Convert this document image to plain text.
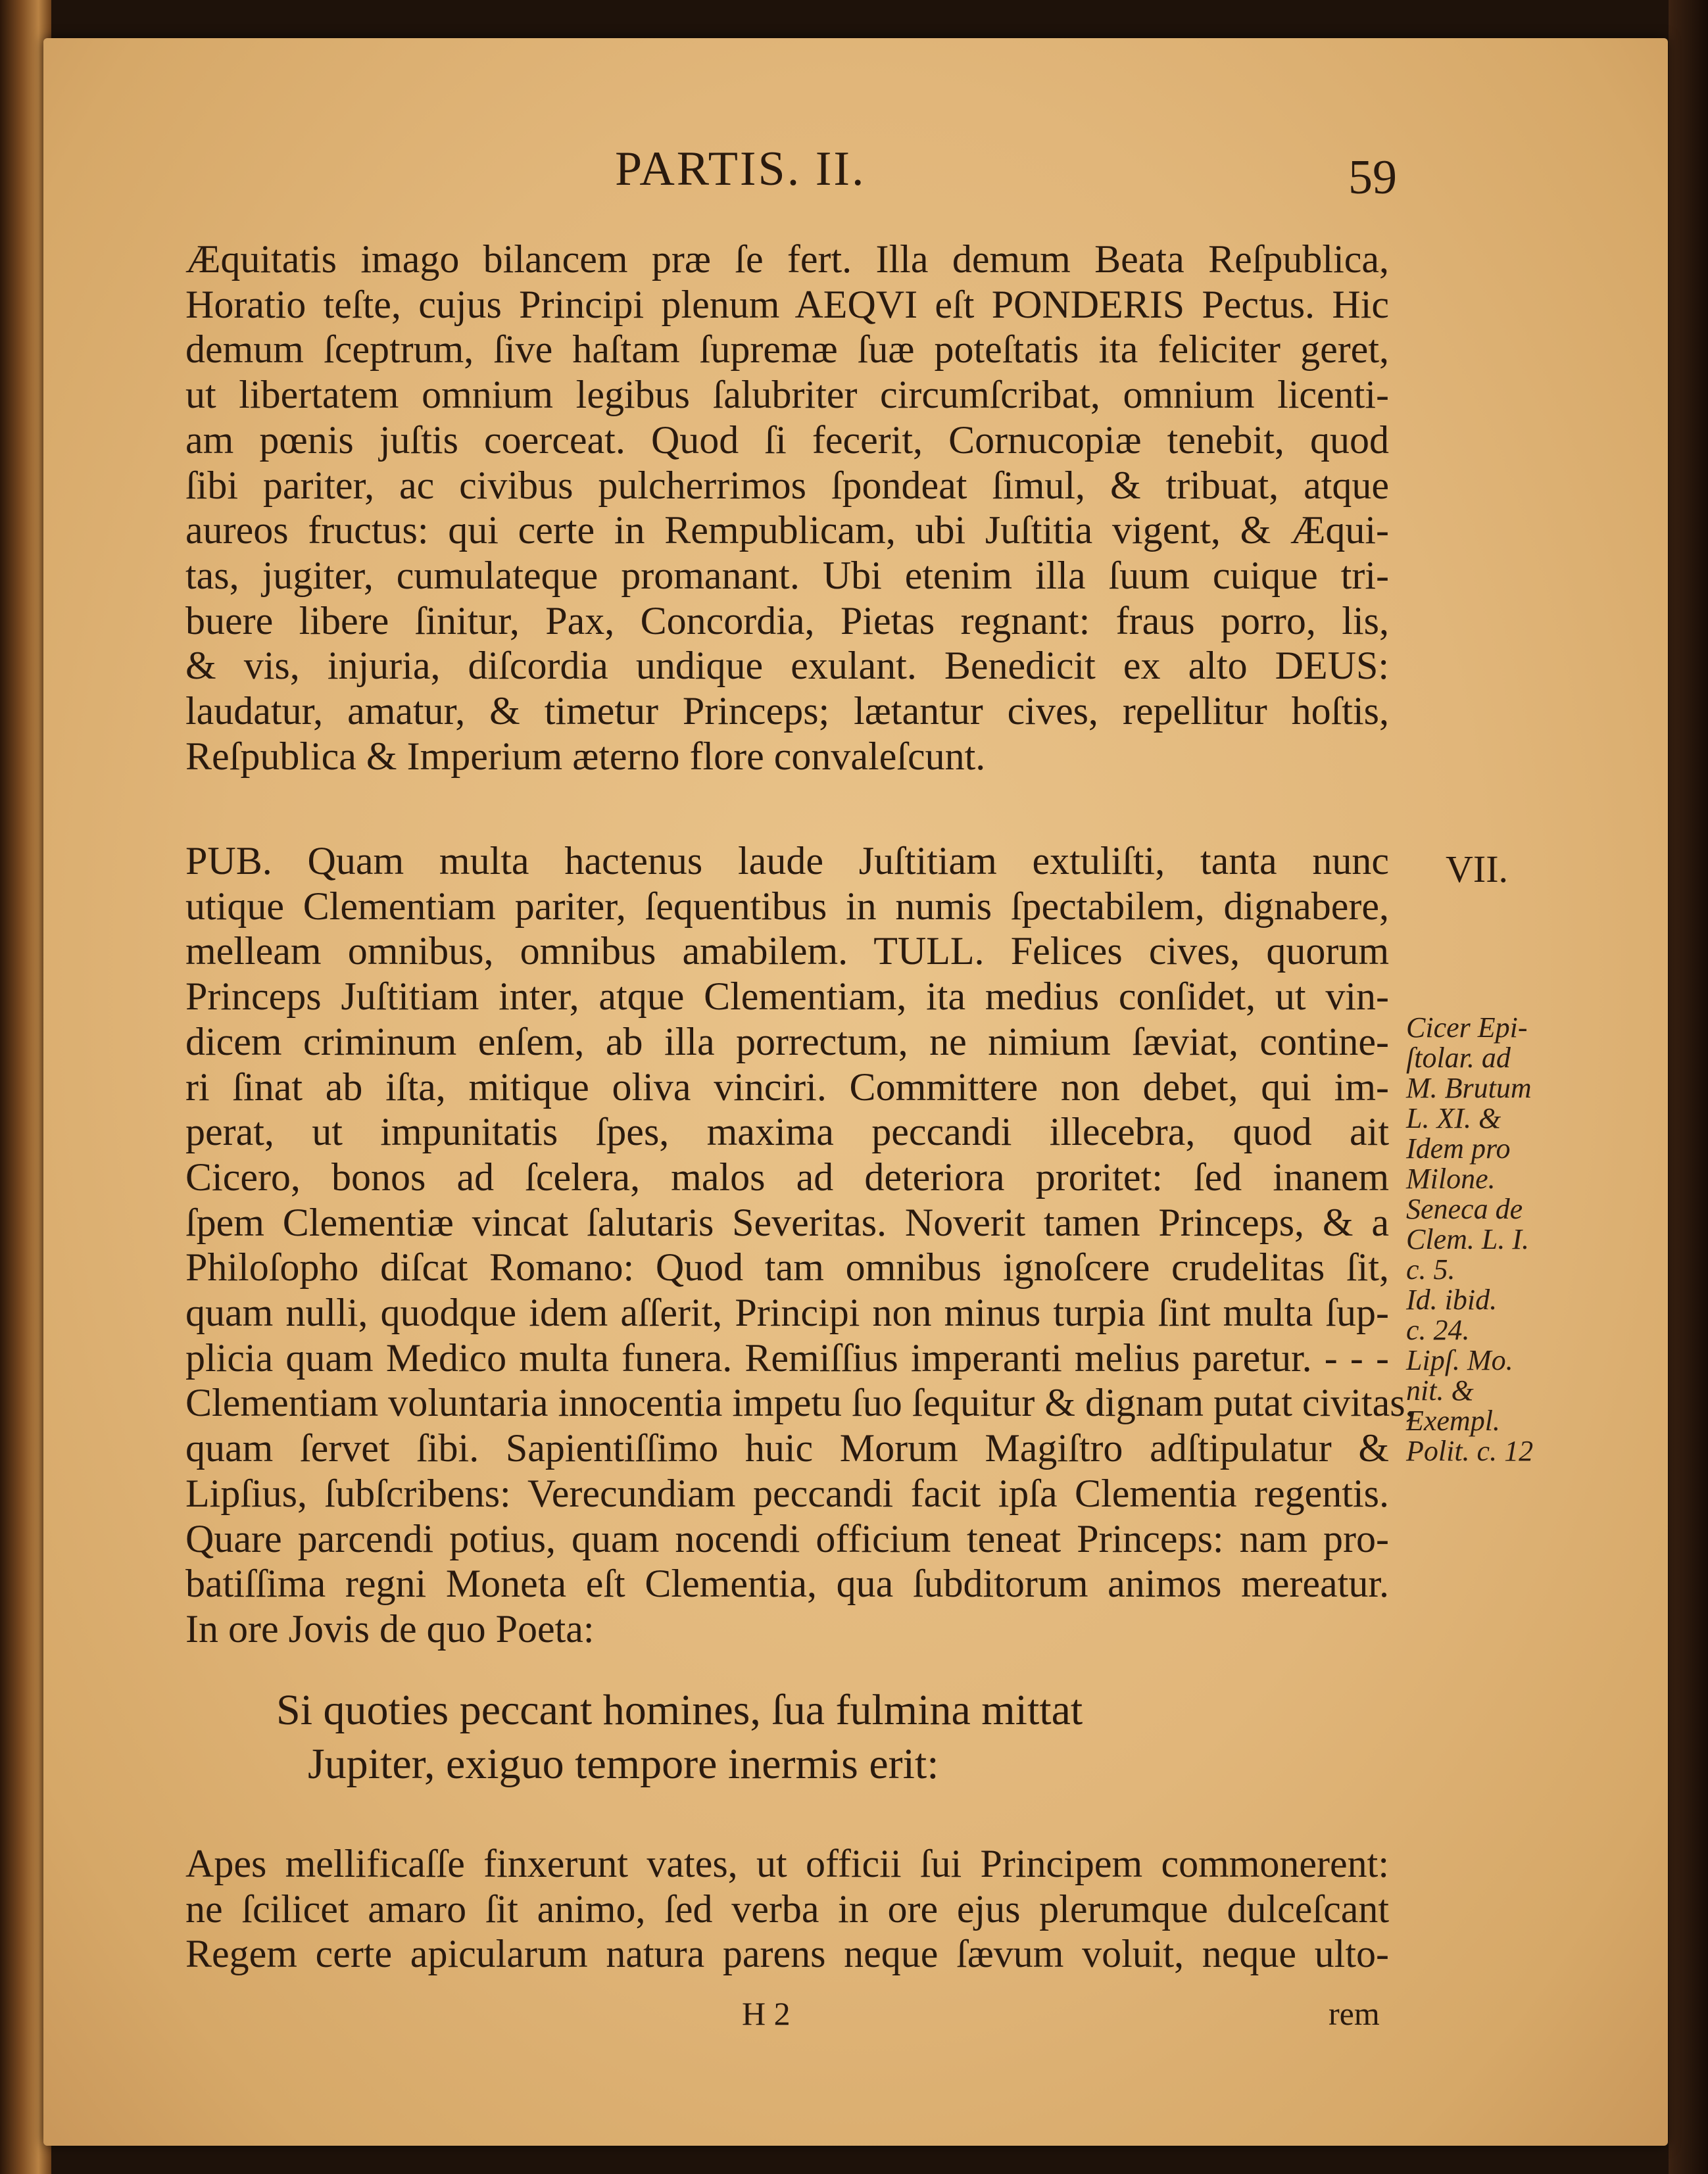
PARTIS. II.	59
Æquitatis imago bilancem præ ſe fert. Illa demum Beata Reſpublica,
Horatio teſte, cujus Principi plenum AEQVI eſt PONDERIS Pectus. Hic
demum ſceptrum, ſive haſtam ſupremæ ſuæ poteſtatis ita feliciter geret,
ut libertatem omnium legibus ſalubriter circumſcribat, omnium licenti-
am pœnis juſtis coerceat. Quod ſi fecerit, Cornucopiæ tenebit, quod
ſibi pariter, ac civibus pulcherrimos ſpondeat ſimul, & tribuat, atque
aureos fructus: qui certe in Rempublicam, ubi Juſtitia vigent, & Æqui-
tas, jugiter, cumulateque promanant. Ubi etenim illa ſuum cuique tri-
buere libere ſinitur, Pax, Concordia, Pietas regnant: fraus porro, lis,
& vis, injuria, diſcordia undique exulant. Benedicit ex alto DEUS:
laudatur, amatur, & timetur Princeps; lætantur cives, repellitur hoſtis,
Reſpublica & Imperium æterno flore convaleſcunt.
VII.
PUB. Quam multa hactenus laude Juſtitiam extuliſti, tanta nunc
utique Clementiam pariter, ſequentibus in numis ſpectabilem, dignabere,
melleam omnibus, omnibus amabilem. TULL. Felices cives, quorum
Princeps Juſtitiam inter, atque Clementiam, ita medius conſidet, ut vin-
dicem criminum enſem, ab illa porrectum, ne nimium ſæviat, contine-
ri ſinat ab iſta, mitique oliva vinciri. Committere non debet, qui im-
perat, ut impunitatis ſpes, maxima peccandi illecebra, quod ait
Cicero, bonos ad ſcelera, malos ad deteriora proritet: ſed inanem
ſpem Clementiæ vincat ſalutaris Severitas. Noverit tamen Princeps, & a
Philoſopho diſcat Romano: Quod tam omnibus ignoſcere crudelitas ſit,
quam nulli, quodque idem aſſerit, Principi non minus turpia ſint multa ſup-
plicia quam Medico multa funera. Remiſſius imperanti melius paretur. - - -
Clementiam voluntaria innocentia impetu ſuo ſequitur & dignam putat civitas,
quam ſervet ſibi. Sapientiſſimo huic Morum Magiſtro adſtipulatur &
Lipſius, ſubſcribens: Verecundiam peccandi facit ipſa Clementia regentis.
Quare parcendi potius, quam nocendi officium teneat Princeps: nam pro-
batiſſima regni Moneta eſt Clementia, qua ſubditorum animos mereatur.
In ore Jovis de quo Poeta:
Cicer Epi-
ſtolar. ad
M. Brutum
L. XI. &
Idem pro
Milone.
Seneca de
Clem. L. I.
c. 5.
Id. ibid.
c. 24.
Lipſ. Mo.
nit. &
Exempl.
Polit. c. 12
Si quoties peccant homines, ſua fulmina mittat
Jupiter, exiguo tempore inermis erit:
Apes mellificaſſe finxerunt vates, ut officii ſui Principem commonerent:
ne ſcilicet amaro ſit animo, ſed verba in ore ejus plerumque dulceſcant
Regem certe apicularum natura parens neque ſævum voluit, neque ulto-
H 2	rem
